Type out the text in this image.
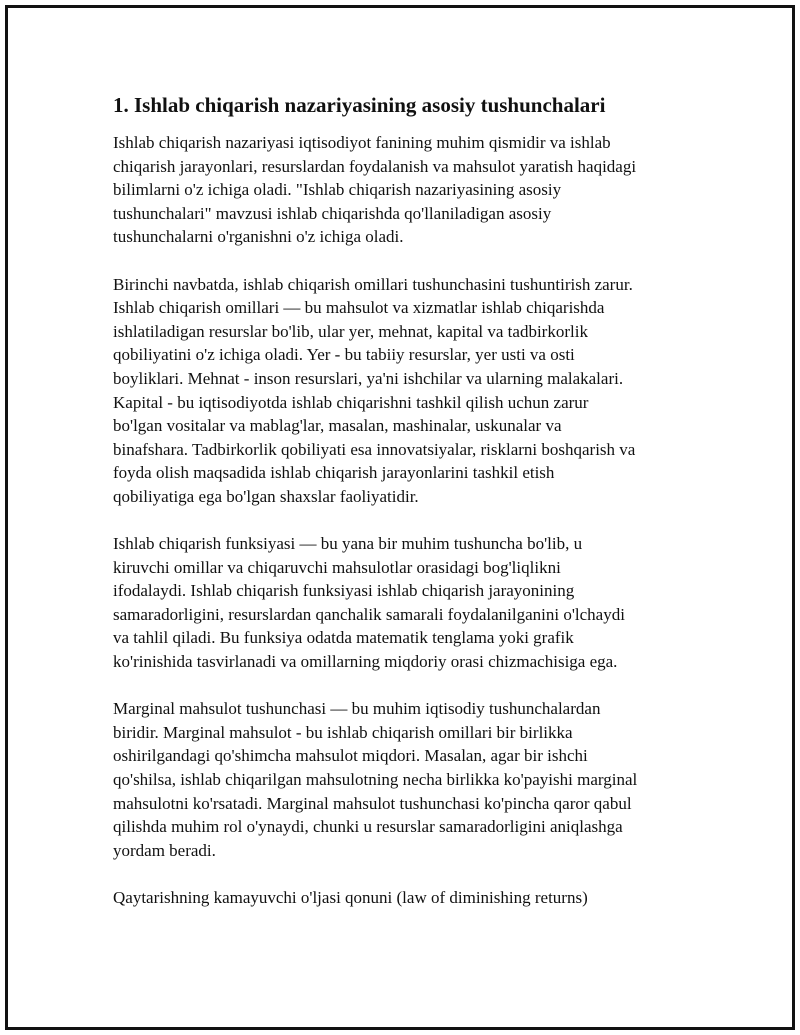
1. Ishlab chiqarish nazariyasining asosiy tushunchalari

Ishlab chiqarish nazariyasi iqtisodiyot fanining muhim qismidir va ishlab
chiqarish jarayonlari, resurslardan foydalanish va mahsulot yaratish haqidagi
bilimlarni o'z ichiga oladi. "Ishlab chiqarish nazariyasining asosiy
tushunchalari" mavzusi ishlab chiqarishda qo'llaniladigan asosiy
tushunchalarni o'rganishni o'z ichiga oladi.

Birinchi navbatda, ishlab chiqarish omillari tushunchasini tushuntirish zarur.
Ishlab chiqarish omillari — bu mahsulot va xizmatlar ishlab chiqarishda
ishlatiladigan resurslar bo'lib, ular yer, mehnat, kapital va tadbirkorlik
qobiliyatini o'z ichiga oladi. Yer - bu tabiiy resurslar, yer usti va osti
boyliklari. Mehnat - inson resurslari, ya'ni ishchilar va ularning malakalari.
Kapital - bu iqtisodiyotda ishlab chiqarishni tashkil qilish uchun zarur
bo'lgan vositalar va mablag'lar, masalan, mashinalar, uskunalar va
binafshara. Tadbirkorlik qobiliyati esa innovatsiyalar, risklarni boshqarish va
foyda olish maqsadida ishlab chiqarish jarayonlarini tashkil etish
qobiliyatiga ega bo'lgan shaxslar faoliyatidir.

Ishlab chiqarish funksiyasi — bu yana bir muhim tushuncha bo'lib, u
kiruvchi omillar va chiqaruvchi mahsulotlar orasidagi bog'liqlikni
ifodalaydi. Ishlab chiqarish funksiyasi ishlab chiqarish jarayonining
samaradorligini, resurslardan qanchalik samarali foydalanilganini o'lchaydi
va tahlil qiladi. Bu funksiya odatda matematik tenglama yoki grafik
ko'rinishida tasvirlanadi va omillarning miqdoriy orasi chizmachisiga ega.

Marginal mahsulot tushunchasi — bu muhim iqtisodiy tushunchalardan
biridir. Marginal mahsulot - bu ishlab chiqarish omillari bir birlikka
oshirilgandagi qo'shimcha mahsulot miqdori. Masalan, agar bir ishchi
qo'shilsa, ishlab chiqarilgan mahsulotning necha birlikka ko'payishi marginal
mahsulotni ko'rsatadi. Marginal mahsulot tushunchasi ko'pincha qaror qabul
qilishda muhim rol o'ynaydi, chunki u resurslar samaradorligini aniqlashga
yordam beradi.

Qaytarishning kamayuvchi o'ljasi qonuni (law of diminishing returns)
